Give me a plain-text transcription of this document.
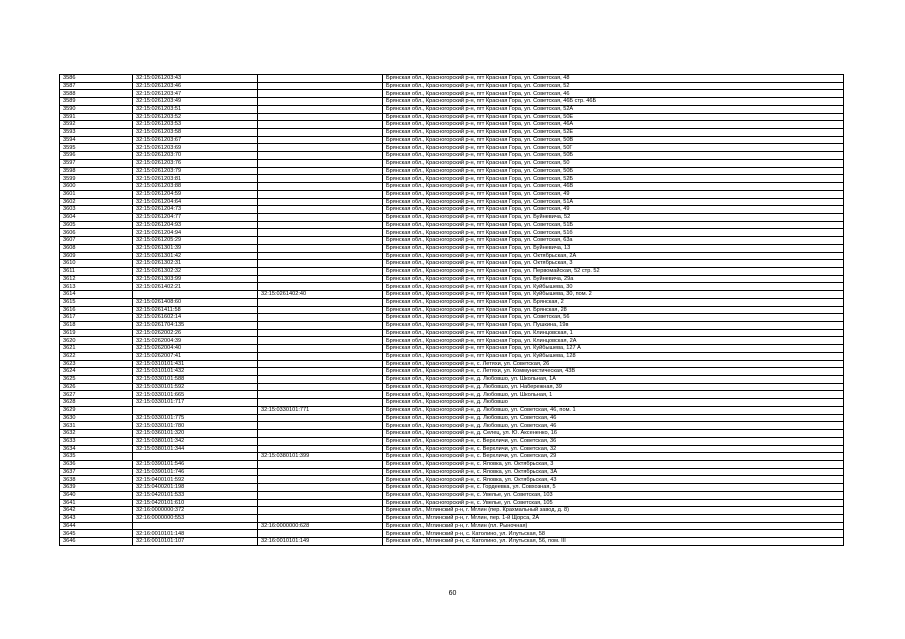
3586	32:15:0261203:43		Брянская обл., Красногорский р-н, пгт Красная Гора, ул. Советская, 48
3587	32:15:0261203:46		Брянская обл., Красногорский р-н, пгт Красная Гора, ул. Советская, 52
3588	32:15:0261203:47		Брянская обл., Красногорский р-н, пгт Красная Гора, ул. Советская, 46
3589	32:15:0261203:49		Брянская обл., Красногорский р-н, пгт Красная Гора, ул. Советская, 46Б стр. 46Б
3590	32:15:0261203:51		Брянская обл., Красногорский р-н, пгт Красная Гора, ул. Советская, 52А
3591	32:15:0261203:52		Брянская обл., Красногорский р-н, пгт Красная Гора, ул. Советская, 50Е
3592	32:15:0261203:53		Брянская обл., Красногорский р-н, пгт Красная Гора, ул. Советская, 46А
3593	32:15:0261203:58		Брянская обл., Красногорский р-н, пгт Красная Гора, ул. Советская, 52Е
3594	32:15:0261203:67		Брянская обл., Красногорский р-н, пгт Красная Гора, ул. Советская, 50В
3595	32:15:0261203:69		Брянская обл., Красногорский р-н, пгт Красная Гора, ул. Советская, 50Г
3596	32:15:0261203:70		Брянская обл., Красногорский р-н, пгт Красная Гора, ул. Советская, 50Б
3597	32:15:0261203:76		Брянская обл., Красногорский р-н, пгт Красная Гора, ул. Советская, 50
3598	32:15:0261203:79		Брянская обл., Красногорский р-н, пгт Красная Гора, ул. Советская, 50Б
3599	32:15:0261203:81		Брянская обл., Красногорский р-н, пгт Красная Гора, ул. Советская, 52Б
3600	32:15:0261203:88		Брянская обл., Красногорский р-н, пгт Красная Гора, ул. Советская, 46В
3601	32:15:0261204:59		Брянская обл., Красногорский р-н, пгт Красная Гора, ул. Советская, 49
3602	32:15:0261204:64		Брянская обл., Красногорский р-н, пгт Красная Гора, ул. Советская, 51А
3603	32:15:0261204:73		Брянская обл., Красногорский р-н, пгт Красная Гора, ул. Советская, 49
3604	32:15:0261204:77		Брянская обл., Красногорский р-н, пгт Красная Гора, ул. Буйневича, 52
3605	32:15:0261204:93		Брянская обл., Красногорский р-н, пгт Красная Гора, ул. Советская, 51Б
3606	32:15:0261204:94		Брянская обл., Красногорский р-н, пгт Красная Гора, ул. Советская, 51б
3607	32:15:0261205:29		Брянская обл., Красногорский р-н, пгт Красная Гора, ул. Советская, 63а
3608	32:15:0261301:39		Брянская обл., Красногорский р-н, пгт Красная Гора, ул. Буйневича, 13
3609	32:15:0261301:42		Брянская обл., Красногорский р-н, пгт Красная Гора, ул. Октябрьская, 2А
3610	32:15:0261302:31		Брянская обл., Красногорский р-н, пгт Красная Гора, ул. Октябрьская, 3
3611	32:15:0261302:32		Брянская обл., Красногорский р-н, пгт Красная Гора, ул. Первомайская, 52 стр. 52
3612	32:15:0261303:99		Брянская обл., Красногорский р-н, пгт Красная Гора, ул. Буйневича, 29а
3613	32:15:0261402:21		Брянская обл., Красногорский р-н, пгт Красная Гора, ул. Куйбышева, 30
3614		32:15:0261402:40	Брянская обл., Красногорский р-н, пгт Красная Гора, ул. Куйбышева, 30, пом. 2
3615	32:15:0261408:60		Брянская обл., Красногорский р-н, пгт Красная Гора, ул. Брянская, 2
3616	32:15:0261411:58		Брянская обл., Красногорский р-н, пгт Красная Гора, ул. Брянская, 28
3617	32:15:0261602:14		Брянская обл., Красногорский р-н, пгт Красная Гора, ул. Советская, 56
3618	32:15:0261704:135		Брянская обл., Красногорский р-н, пгт Красная Гора, ул. Пушкина, 19в
3619	32:15:0262002:26		Брянская обл., Красногорский р-н, пгт Красная Гора, ул. Клинцовская, 1
3620	32:15:0262004:39		Брянская обл., Красногорский р-н, пгт Красная Гора, ул. Клинцовская, 2А
3621	32:15:0262004:40		Брянская обл., Красногорский р-н, пгт Красная Гора, ул. Куйбышева, 127 А
3622	32:15:0262007:41		Брянская обл., Красногорский р-н, пгт Красная Гора, ул. Куйбышева, 128
3623	32:15:0310101:431		Брянская обл., Красногорский р-н, с. Летяхи, ул. Советская, 26
3624	32:15:0310101:432		Брянская обл., Красногорский р-н, с. Летяхи, ул. Коммунистическая, 43В
3625	32:15:0330101:588		Брянская обл., Красногорский р-н, д. Любовшо, ул. Школьная, 1А
3626	32:15:0330101:592		Брянская обл., Красногорский р-н, д. Любовшо, ул. Набережная, 39
3627	32:15:0330101:665		Брянская обл., Красногорский р-н, д. Любовшо, ул. Школьная, 1
3628	32:15:0330101:717		Брянская обл., Красногорский р-н, д. Любовшо
3629		32:15:0330101:771	Брянская обл., Красногорский р-н, д. Любовшо, ул. Советская, 46, пом. 1
3630	32:15:0330101:775		Брянская обл., Красногорский р-н, д. Любовшо, ул. Советская, 46
3631	32:15:0330101:780		Брянская обл., Красногорский р-н, д. Любовшо, ул. Советская, 46
3632	32:15:0360101:320		Брянская обл., Красногорский р-н, д. Селец, ул. Ю. Аксененко, 16
3633	32:15:0380101:342		Брянская обл., Красногорский р-н, с. Верхличи, ул. Советская, 36
3634	32:15:0380101:344		Брянская обл., Красногорский р-н, с. Верхличи, ул. Советская, 32
3635		32:15:0380101:399	Брянская обл., Красногорский р-н, с. Верхличи, ул. Советская, 29
3636	32:15:0390101:546		Брянская обл., Красногорский р-н, с. Яловка, ул. Октябрьская, 3
3637	32:15:0390101:746		Брянская обл., Красногорский р-н, с. Яловка, ул. Октябрьская, 3А
3638	32:15:0400101:592		Брянская обл., Красногорский р-н, с. Яловка, ул. Октябрьская, 43
3639	32:15:0400201:198		Брянская обл., Красногорский р-н, с. Гордеевка, ул. Совхозная, 5
3640	32:15:0420101:533		Брянская обл., Красногорский р-н, с. Увелье, ул. Советская, 103
3641	32:15:0420101:610		Брянская обл., Красногорский р-н, с. Увелье, ул. Советская, 105
3642	32:16:0000000:372		Брянская обл., Мглинский р-н, г. Мглин (пер. Крахмальный завод, д. 8)
3643	32:16:0000000:553		Брянская обл., Мглинский р-н, г. Мглин, пер. 1-й Щорса, 2А
3644		32:16:0000000:628	Брянская обл., Мглинский р-н, г. Мглин (пл. Рыночная)
3645	32:16:0010101:148		Брянская обл., Мглинский р-н, с. Католино, ул. Илутьская, 58
3646	32:16:0010101:107	32:16:0010101:149	Брянская обл., Мглинский р-н, с. Католино, ул. Илутьская, 56, пом. III
60
